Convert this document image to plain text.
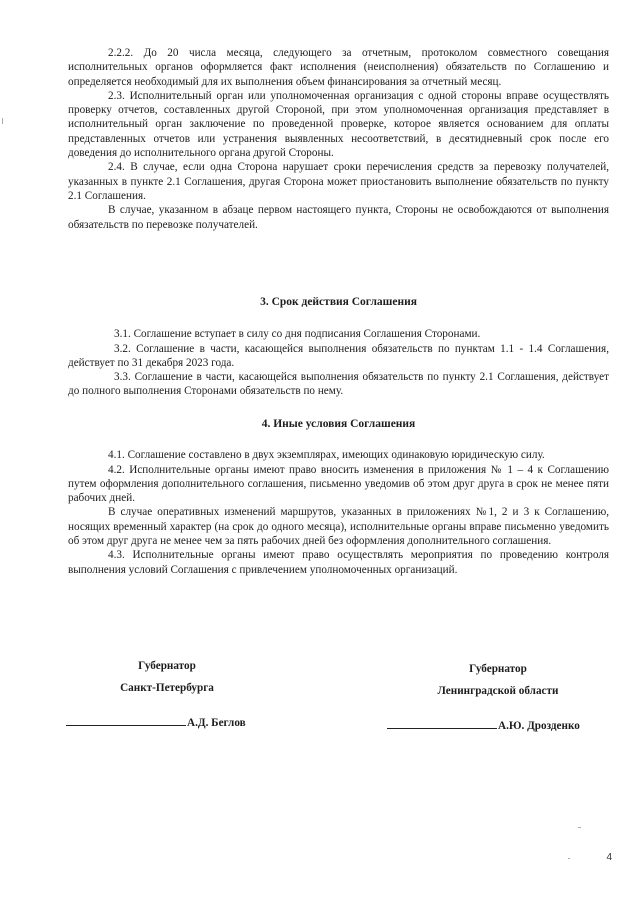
2.2.2. До 20 числа месяца, следующего за отчетным, протоколом совместного совещания исполнительных органов оформляется факт исполнения (неисполнения) обязательств по Соглашению и определяется необходимый для их выполнения объем финансирования за отчетный месяц.

2.3. Исполнительный орган или уполномоченная организация с одной стороны вправе осуществлять проверку отчетов, составленных другой Стороной, при этом уполномоченная организация представляет в исполнительный орган заключение по проведенной проверке, которое является основанием для оплаты представленных отчетов или устранения выявленных несоответствий, в десятидневный срок после его доведения до исполнительного органа другой Стороны.

2.4. В случае, если одна Сторона нарушает сроки перечисления средств за перевозку получателей, указанных в пункте 2.1 Соглашения, другая Сторона может приостановить выполнение обязательств по пункту 2.1 Соглашения.

В случае, указанном в абзаце первом настоящего пункта, Стороны не освобождаются от выполнения обязательств по перевозке получателей.

3. Срок действия Соглашения

3.1. Соглашение вступает в силу со дня подписания Соглашения Сторонами.

3.2. Соглашение в части, касающейся выполнения обязательств по пунктам 1.1 - 1.4 Соглашения, действует по 31 декабря 2023 года.

3.3. Соглашение в части, касающейся выполнения обязательств по пункту 2.1 Соглашения, действует до полного выполнения Сторонами обязательств по нему.

4. Иные условия Соглашения

4.1. Соглашение составлено в двух экземплярах, имеющих одинаковую юридическую силу.

4.2. Исполнительные органы имеют право вносить изменения в приложения № 1 – 4 к Соглашению путем оформления дополнительного соглашения, письменно уведомив об этом друг друга в срок не менее пяти рабочих дней.

В случае оперативных изменений маршрутов, указанных в приложениях №1, 2 и 3 к Соглашению, носящих временный характер (на срок до одного месяца), исполнительные органы вправе письменно уведомить об этом друг друга не менее чем за пять рабочих дней без оформления дополнительного соглашения.

4.3. Исполнительные органы имеют право осуществлять мероприятия по проведению контроля выполнения условий Соглашения с привлечением уполномоченных организаций.

Губернатор
Санкт-Петербурга
Губернатор
Ленинградской области
А.Д. Беглов	А.Ю. Дрозденко
4
